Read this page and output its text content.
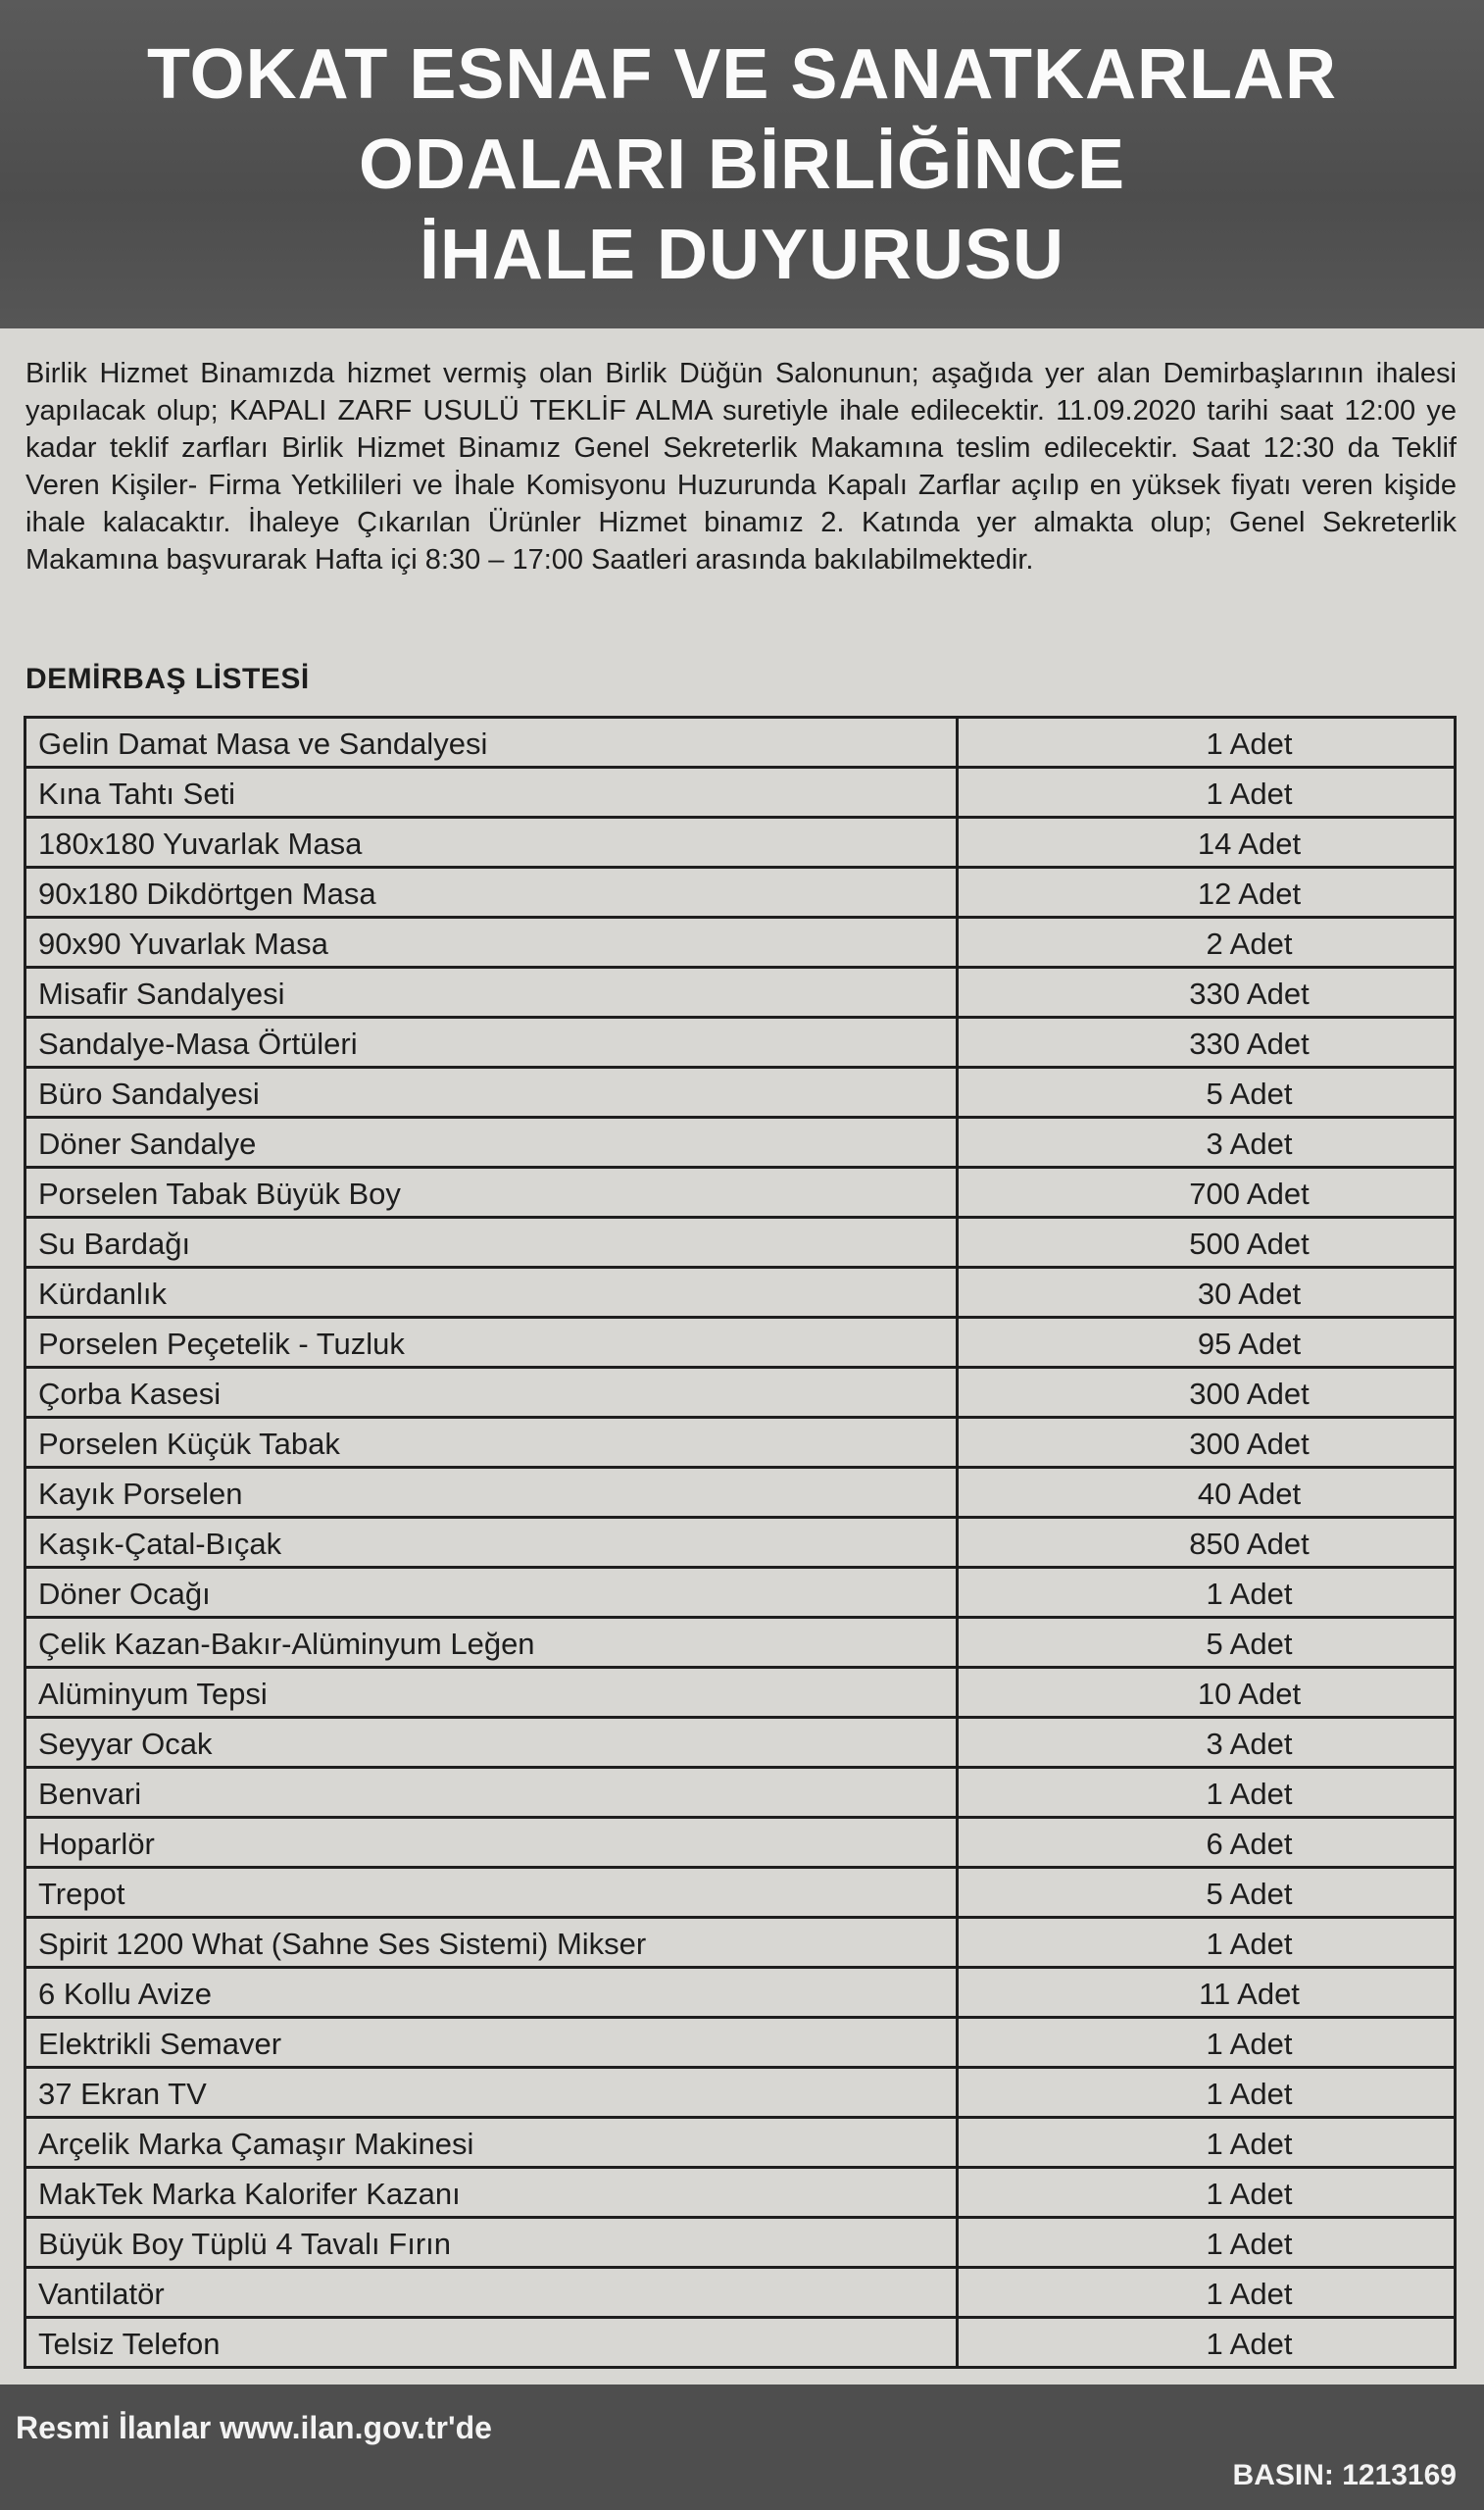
TOKAT ESNAF VE SANATKARLAR
ODALARI BİRLİĞİNCE
İHALE DUYURUSU
Birlik Hizmet Binamızda hizmet vermiş olan Birlik Düğün Salonunun; aşağıda yer alan Demirbaşlarının ihalesi yapılacak olup; KAPALI ZARF USULÜ TEKLİF ALMA suretiyle ihale edilecektir. 11.09.2020 tarihi saat 12:00 ye kadar teklif zarfları Birlik Hizmet Binamız Genel Sekreterlik Makamına teslim edilecektir. Saat 12:30 da Teklif Veren Kişiler- Firma Yetkilileri ve İhale Komisyonu Huzurunda Kapalı Zarflar açılıp en yüksek fiyatı veren kişide ihale kalacaktır. İhaleye Çıkarılan Ürünler Hizmet binamız 2. Katında yer almakta olup; Genel Sekreterlik Makamına başvurarak Hafta içi 8:30 – 17:00 Saatleri arasında bakılabilmektedir.
DEMİRBAŞ LİSTESİ
Gelin Damat Masa ve Sandalyesi	1 Adet
Kına Tahtı Seti	1 Adet
180x180 Yuvarlak Masa	14 Adet
90x180 Dikdörtgen Masa	12 Adet
90x90 Yuvarlak Masa	2 Adet
Misafir Sandalyesi	330 Adet
Sandalye-Masa Örtüleri	330 Adet
Büro Sandalyesi	5 Adet
Döner Sandalye	3 Adet
Porselen Tabak Büyük Boy	700 Adet
Su Bardağı	500 Adet
Kürdanlık	30 Adet
Porselen Peçetelik - Tuzluk	95 Adet
Çorba Kasesi	300 Adet
Porselen Küçük Tabak	300 Adet
Kayık Porselen	40 Adet
Kaşık-Çatal-Bıçak	850 Adet
Döner Ocağı	1 Adet
Çelik Kazan-Bakır-Alüminyum Leğen	5 Adet
Alüminyum Tepsi	10 Adet
Seyyar Ocak	3 Adet
Benvari	1 Adet
Hoparlör	6 Adet
Trepot	5 Adet
Spirit 1200 What (Sahne Ses Sistemi) Mikser	1 Adet
6 Kollu Avize	11 Adet
Elektrikli Semaver	1 Adet
37 Ekran TV	1 Adet
Arçelik Marka Çamaşır Makinesi	1 Adet
MakTek Marka Kalorifer Kazanı	1 Adet
Büyük Boy Tüplü 4 Tavalı Fırın	1 Adet
Vantilatör	1 Adet
Telsiz Telefon	1 Adet
Resmi İlanlar www.ilan.gov.tr'de
BASIN: 1213169
